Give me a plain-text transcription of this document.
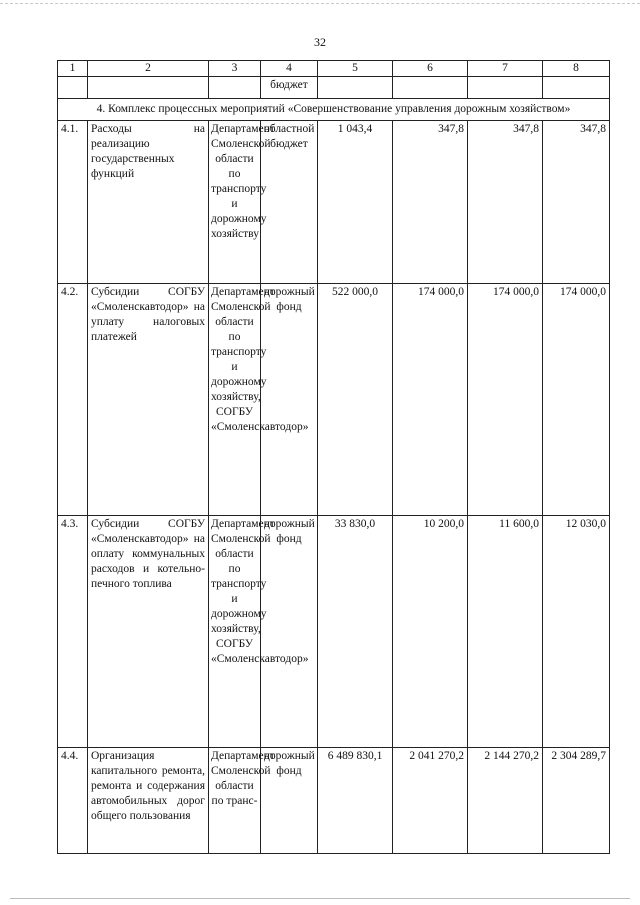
32
1	2	3	4	5	6	7	8
			бюджет				
4. Комплекс процессных мероприятий «Совершенствование управления дорожным хозяйством»							
4.1.	Расходы на реализацию государственных функций	Департамент Смоленской области по транспорту и дорожному хозяйству	областной бюджет	1 043,4	347,8	347,8	347,8
4.2.	Субсидии СОГБУ «Смоленскавтодор» на уплату налоговых платежей	Департамент Смоленской области по транспорту и дорожному хозяйству, СОГБУ «Смоленскавтодор»	дорожный фонд	522 000,0	174 000,0	174 000,0	174 000,0
4.3.	Субсидии СОГБУ «Смоленскавтодор» на оплату коммунальных расходов и котельно-печного топлива	Департамент Смоленской области по транспорту и дорожному хозяйству, СОГБУ «Смоленскавтодор»	дорожный фонд	33 830,0	10 200,0	11 600,0	12 030,0
4.4.	Организация капитального ремонта, ремонта и содержания автомобильных дорог общего пользования	Департамент Смоленской области по транс-	дорожный фонд	6 489 830,1	2 041 270,2	2 144 270,2	2 304 289,7
